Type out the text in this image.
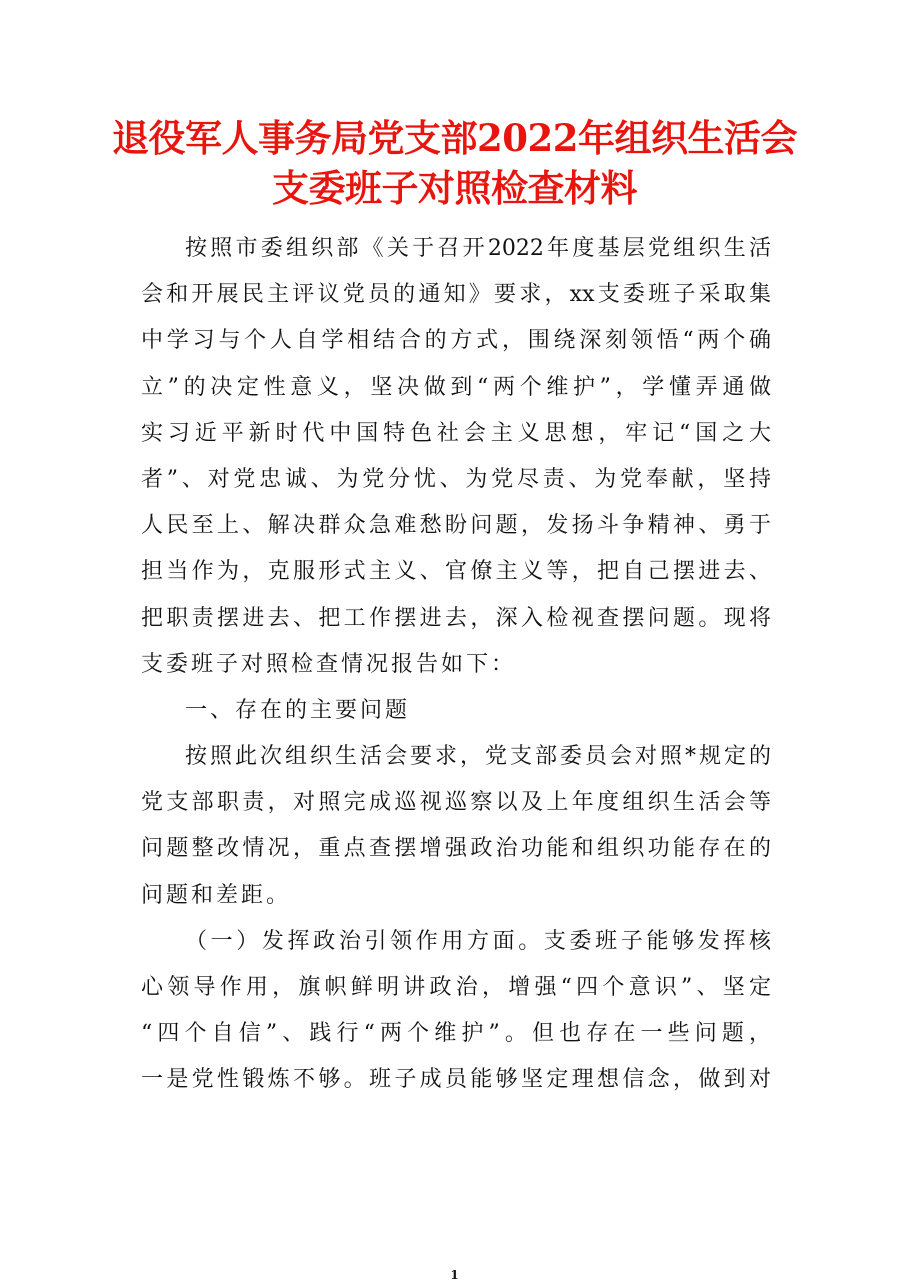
退役军人事务局党支部2022年组织生活会
支委班子对照检查材料
按照市委组织部《关于召开2022年度基层党组织生活
会和开展民主评议党员的通知》要求，xx支委班子采取集
中学习与个人自学相结合的方式，围绕深刻领悟“两个确
立”的决定性意义，坚决做到“两个维护”，学懂弄通做
实习近平新时代中国特色社会主义思想，牢记“国之大
者”、对党忠诚、为党分忧、为党尽责、为党奉献，坚持
人民至上、解决群众急难愁盼问题，发扬斗争精神、勇于
担当作为，克服形式主义、官僚主义等，把自己摆进去、
把职责摆进去、把工作摆进去，深入检视查摆问题。现将
支委班子对照检查情况报告如下：
一、存在的主要问题
按照此次组织生活会要求，党支部委员会对照*规定的
党支部职责，对照完成巡视巡察以及上年度组织生活会等
问题整改情况，重点查摆增强政治功能和组织功能存在的
问题和差距。
（一）发挥政治引领作用方面。支委班子能够发挥核
心领导作用，旗帜鲜明讲政治，增强“四个意识”、坚定
“四个自信”、践行“两个维护”。但也存在一些问题，
一是党性锻炼不够。班子成员能够坚定理想信念，做到对
1
